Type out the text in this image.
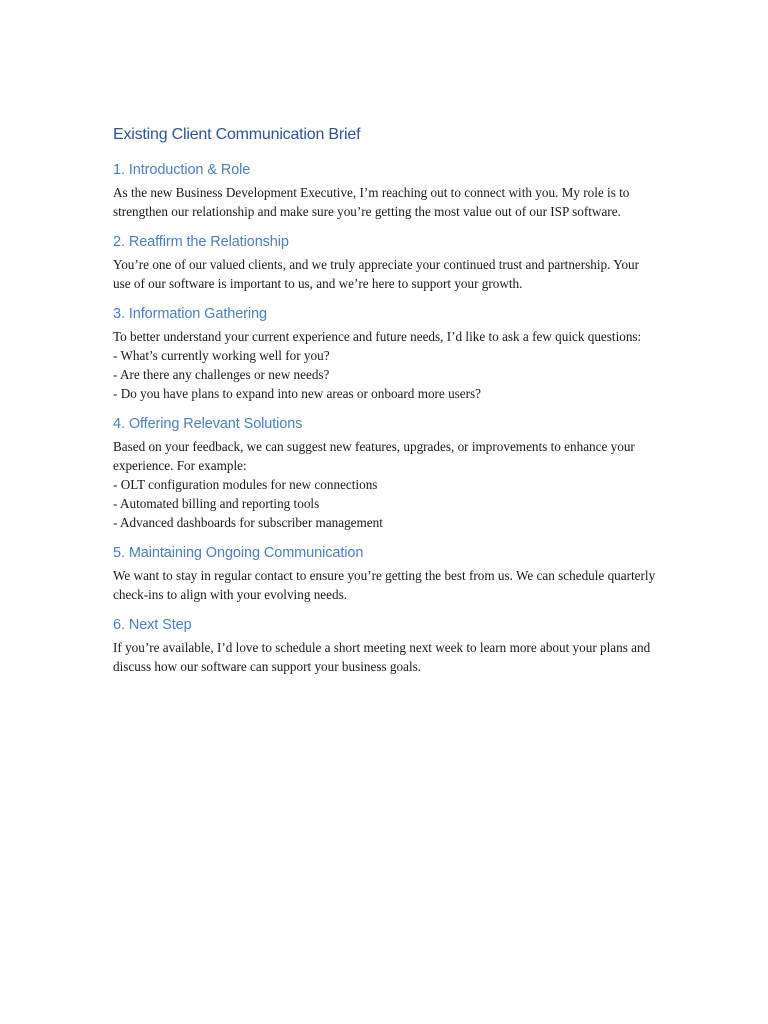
Existing Client Communication Brief
1. Introduction & Role

As the new Business Development Executive, I’m reaching out to connect with you. My role is to strengthen our relationship and make sure you’re getting the most value out of our ISP software.

2. Reaffirm the Relationship

You’re one of our valued clients, and we truly appreciate your continued trust and partnership. Your use of our software is important to us, and we’re here to support your growth.

3. Information Gathering

To better understand your current experience and future needs, I’d like to ask a few quick questions:
- What’s currently working well for you?
- Are there any challenges or new needs?
- Do you have plans to expand into new areas or onboard more users?

4. Offering Relevant Solutions

Based on your feedback, we can suggest new features, upgrades, or improvements to enhance your experience. For example:
- OLT configuration modules for new connections
- Automated billing and reporting tools
- Advanced dashboards for subscriber management

5. Maintaining Ongoing Communication

We want to stay in regular contact to ensure you’re getting the best from us. We can schedule quarterly check-ins to align with your evolving needs.

6. Next Step

If you’re available, I’d love to schedule a short meeting next week to learn more about your plans and discuss how our software can support your business goals.
